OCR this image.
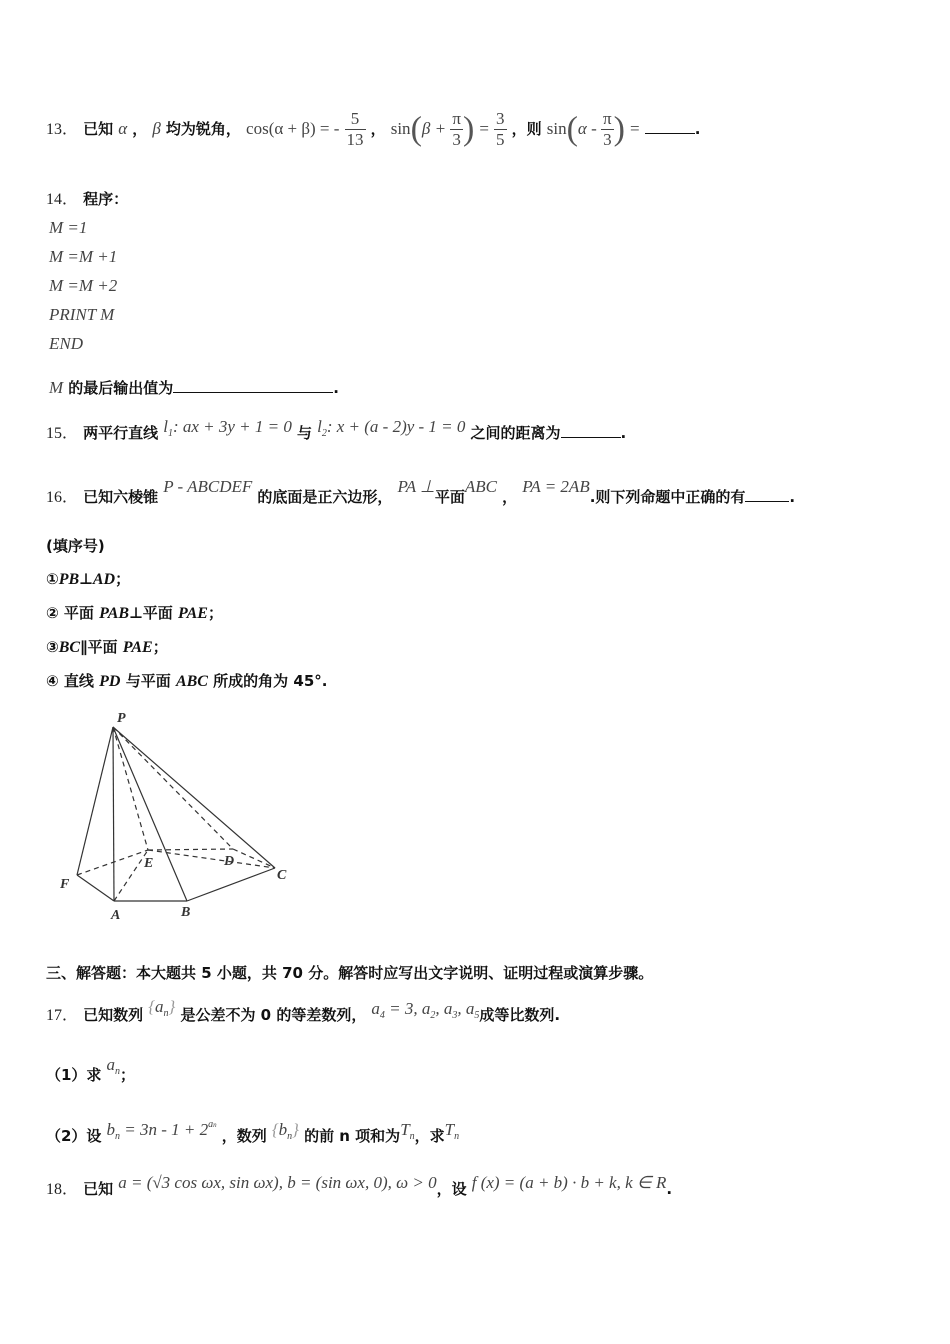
13． 已知 α ， β 均为锐角， cos(α + β) = - $\frac{5}{13}$ ， $\sin(\beta + \frac{\pi}{3}$ ) = $\frac{3}{5}$ ，则 $\sin(\alpha - \frac{\pi}{3}$ ) =	.
14． 程序：
M =1
M =M +1
M =M +2
PRINT M
END
M 的最后输出值为	.
15． 两平行直线 $l_1$: ax + 3y + 1 = 0 与 $l_2$: x + (a - 2)y - 1 = 0 之间的距离为	.
16． 已知六棱锥 P - ABCDEF 的底面是正六边形， PA ⊥平面ABC ， PA = 2AB.则下列命题中正确的有	.
(填序号)
①PB⊥AD；
② 平面 PAB⊥平面 PAE；
③BC∥平面 PAE；
④ 直线 PD 与平面 ABC 所成的角为 45°.
P
F
E	D
C
A	B
三、解答题：本大题共 5 小题，共 70 分。解答时应写出文字说明、证明过程或演算步骤。
17． 已知数列 $\{a_n\}$ 是公差不为 0 的等差数列， $a_4 = 3$, $a_2$, $a_3$, $a_5$成等比数列.
（1）求 $a_n$；
（2）设 $b_n = 3n - 1 + 2^{an}$ ，数列 $\{b_n\}$ 的前 n 项和为$T_n$，求$T_n$
18． 已知 a = (√3 cos ωx, sin ωx), b = (sin ωx, 0), ω > 0，设 f (x) = (a + b) · b + k, k ∈ R.
